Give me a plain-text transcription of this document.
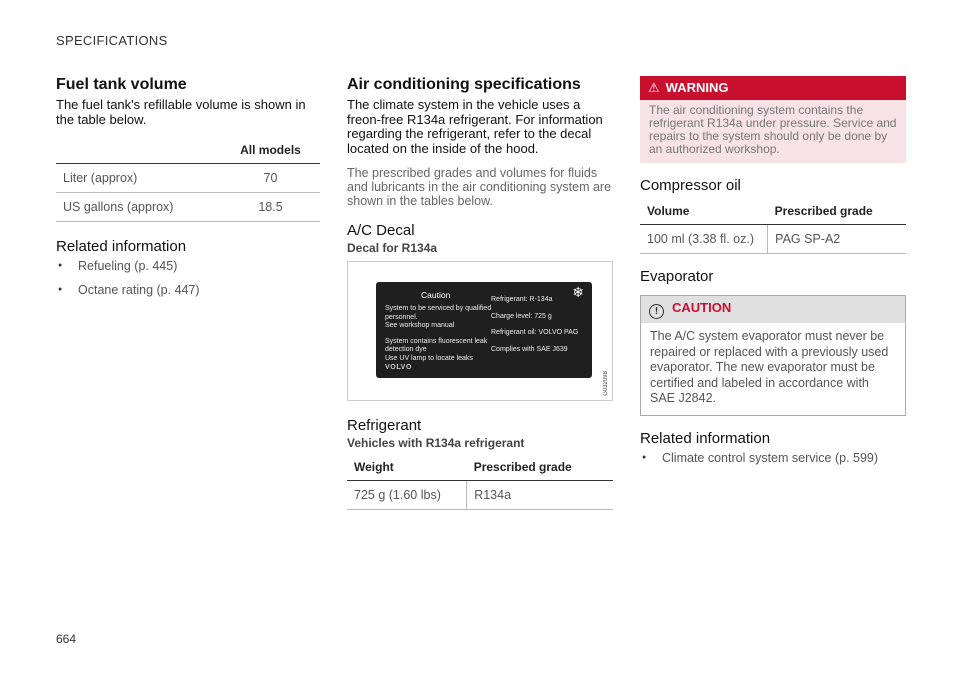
SPECIFICATIONS
Fuel tank volume

The fuel tank's refillable volume is shown in the table below.

	All models
Liter (approx)	70
US gallons (approx)	18.5
Related information
● Refueling (p. 445)
● Octane rating (p. 447)
Air conditioning specifications

The climate system in the vehicle uses a freon-free R134a refrigerant. For information regarding the refrigerant, refer to the decal located on the inside of the hood.

The prescribed grades and volumes for fluids and lubricants in the air conditioning system are shown in the tables below.

A/C Decal
Decal for R134a
Caution	❄
System to be serviced by qualified
personnel.
See workshop manual
System contains fluorescent leak
detection dye
Use UV lamp to locate leaks
Refrigerant: R-134a
Charge level: 725 g
Refrigerant oil: VOLVO PAG
Complies with SAE J639
VOLVO
G032098
Refrigerant
Vehicles with R134a refrigerant
Weight	Prescribed grade
725 g (1.60 lbs)	R134a
⚠ WARNING
The air conditioning system contains the refrigerant R134a under pressure. Service and repairs to the system should only be done by an authorized workshop.
Compressor oil
Volume	Prescribed grade
100 ml (3.38 fl. oz.)	PAG SP-A2
Evaporator
! CAUTION
The A/C system evaporator must never be repaired or replaced with a previously used evaporator. The new evaporator must be certified and labeled in accordance with SAE J2842.
Related information
● Climate control system service (p. 599)
664
